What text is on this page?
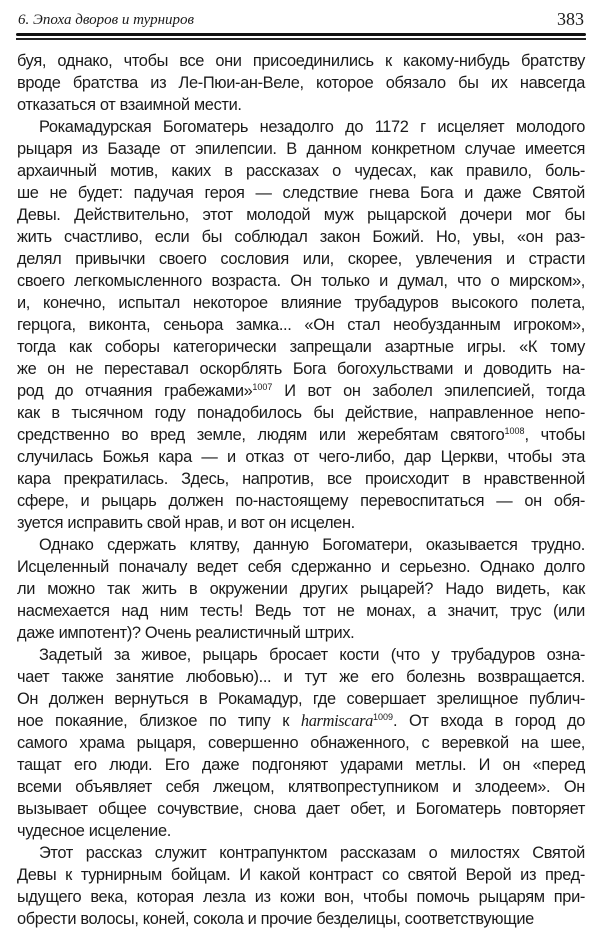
6. Эпоха дворов и турниров	383
буя, однако, чтобы все они присоединились к какому-нибудь братству
вроде братства из Ле-Пюи-ан-Веле, которое обязало бы их навсегда
отказаться от взаимной мести.
Рокамадурская Богоматерь незадолго до 1172 г исцеляет молодого
рыцаря из Базаде от эпилепсии. В данном конкретном случае имеется
архаичный мотив, каких в рассказах о чудесах, как правило, боль-
ше не будет: падучая героя — следствие гнева Бога и даже Святой
Девы. Действительно, этот молодой муж рыцарской дочери мог бы
жить счастливо, если бы соблюдал закон Божий. Но, увы, «он раз-
делял привычки своего сословия или, скорее, увлечения и страсти
своего легкомысленного возраста. Он только и думал, что о мирском»,
и, конечно, испытал некоторое влияние трубадуров высокого полета,
герцога, виконта, сеньора замка... «Он стал необузданным игроком»,
тогда как соборы категорически запрещали азартные игры. «К тому
же он не переставал оскорблять Бога богохульствами и доводить на-
род до отчаяния грабежами»$^{1007}$ И вот он заболел эпилепсией, тогда
как в тысячном году понадобилось бы действие, направленное непо-
средственно во вред земле, людям или жеребятам святого$^{1008}$, чтобы
случилась Божья кара — и отказ от чего-либо, дар Церкви, чтобы эта
кара прекратилась. Здесь, напротив, все происходит в нравственной
сфере, и рыцарь должен по-настоящему перевоспитаться — он обя-
зуется исправить свой нрав, и вот он исцелен.
Однако сдержать клятву, данную Богоматери, оказывается трудно.
Исцеленный поначалу ведет себя сдержанно и серьезно. Однако долго
ли можно так жить в окружении других рыцарей? Надо видеть, как
насмехается над ним тесть! Ведь тот не монах, а значит, трус (или
даже импотент)? Очень реалистичный штрих.
Задетый за живое, рыцарь бросает кости (что у трубадуров озна-
чает также занятие любовью)... и тут же его болезнь возвращается.
Он должен вернуться в Рокамадур, где совершает зрелищное публич-
ное покаяние, близкое по типу к harmiscara$^{1009}$. От входа в город до
самого храма рыцаря, совершенно обнаженного, с веревкой на шее,
тащат его люди. Его даже подгоняют ударами метлы. И он «перед
всеми объявляет себя лжецом, клятвопреступником и злодеем». Он
вызывает общее сочувствие, снова дает обет, и Богоматерь повторяет
чудесное исцеление.
Этот рассказ служит контрапунктом рассказам о милостях Святой
Девы к турнирным бойцам. И какой контраст со святой Верой из пред-
ыдущего века, которая лезла из кожи вон, чтобы помочь рыцарям при-
обрести волосы, коней, сокола и прочие безделицы, соответствующие
